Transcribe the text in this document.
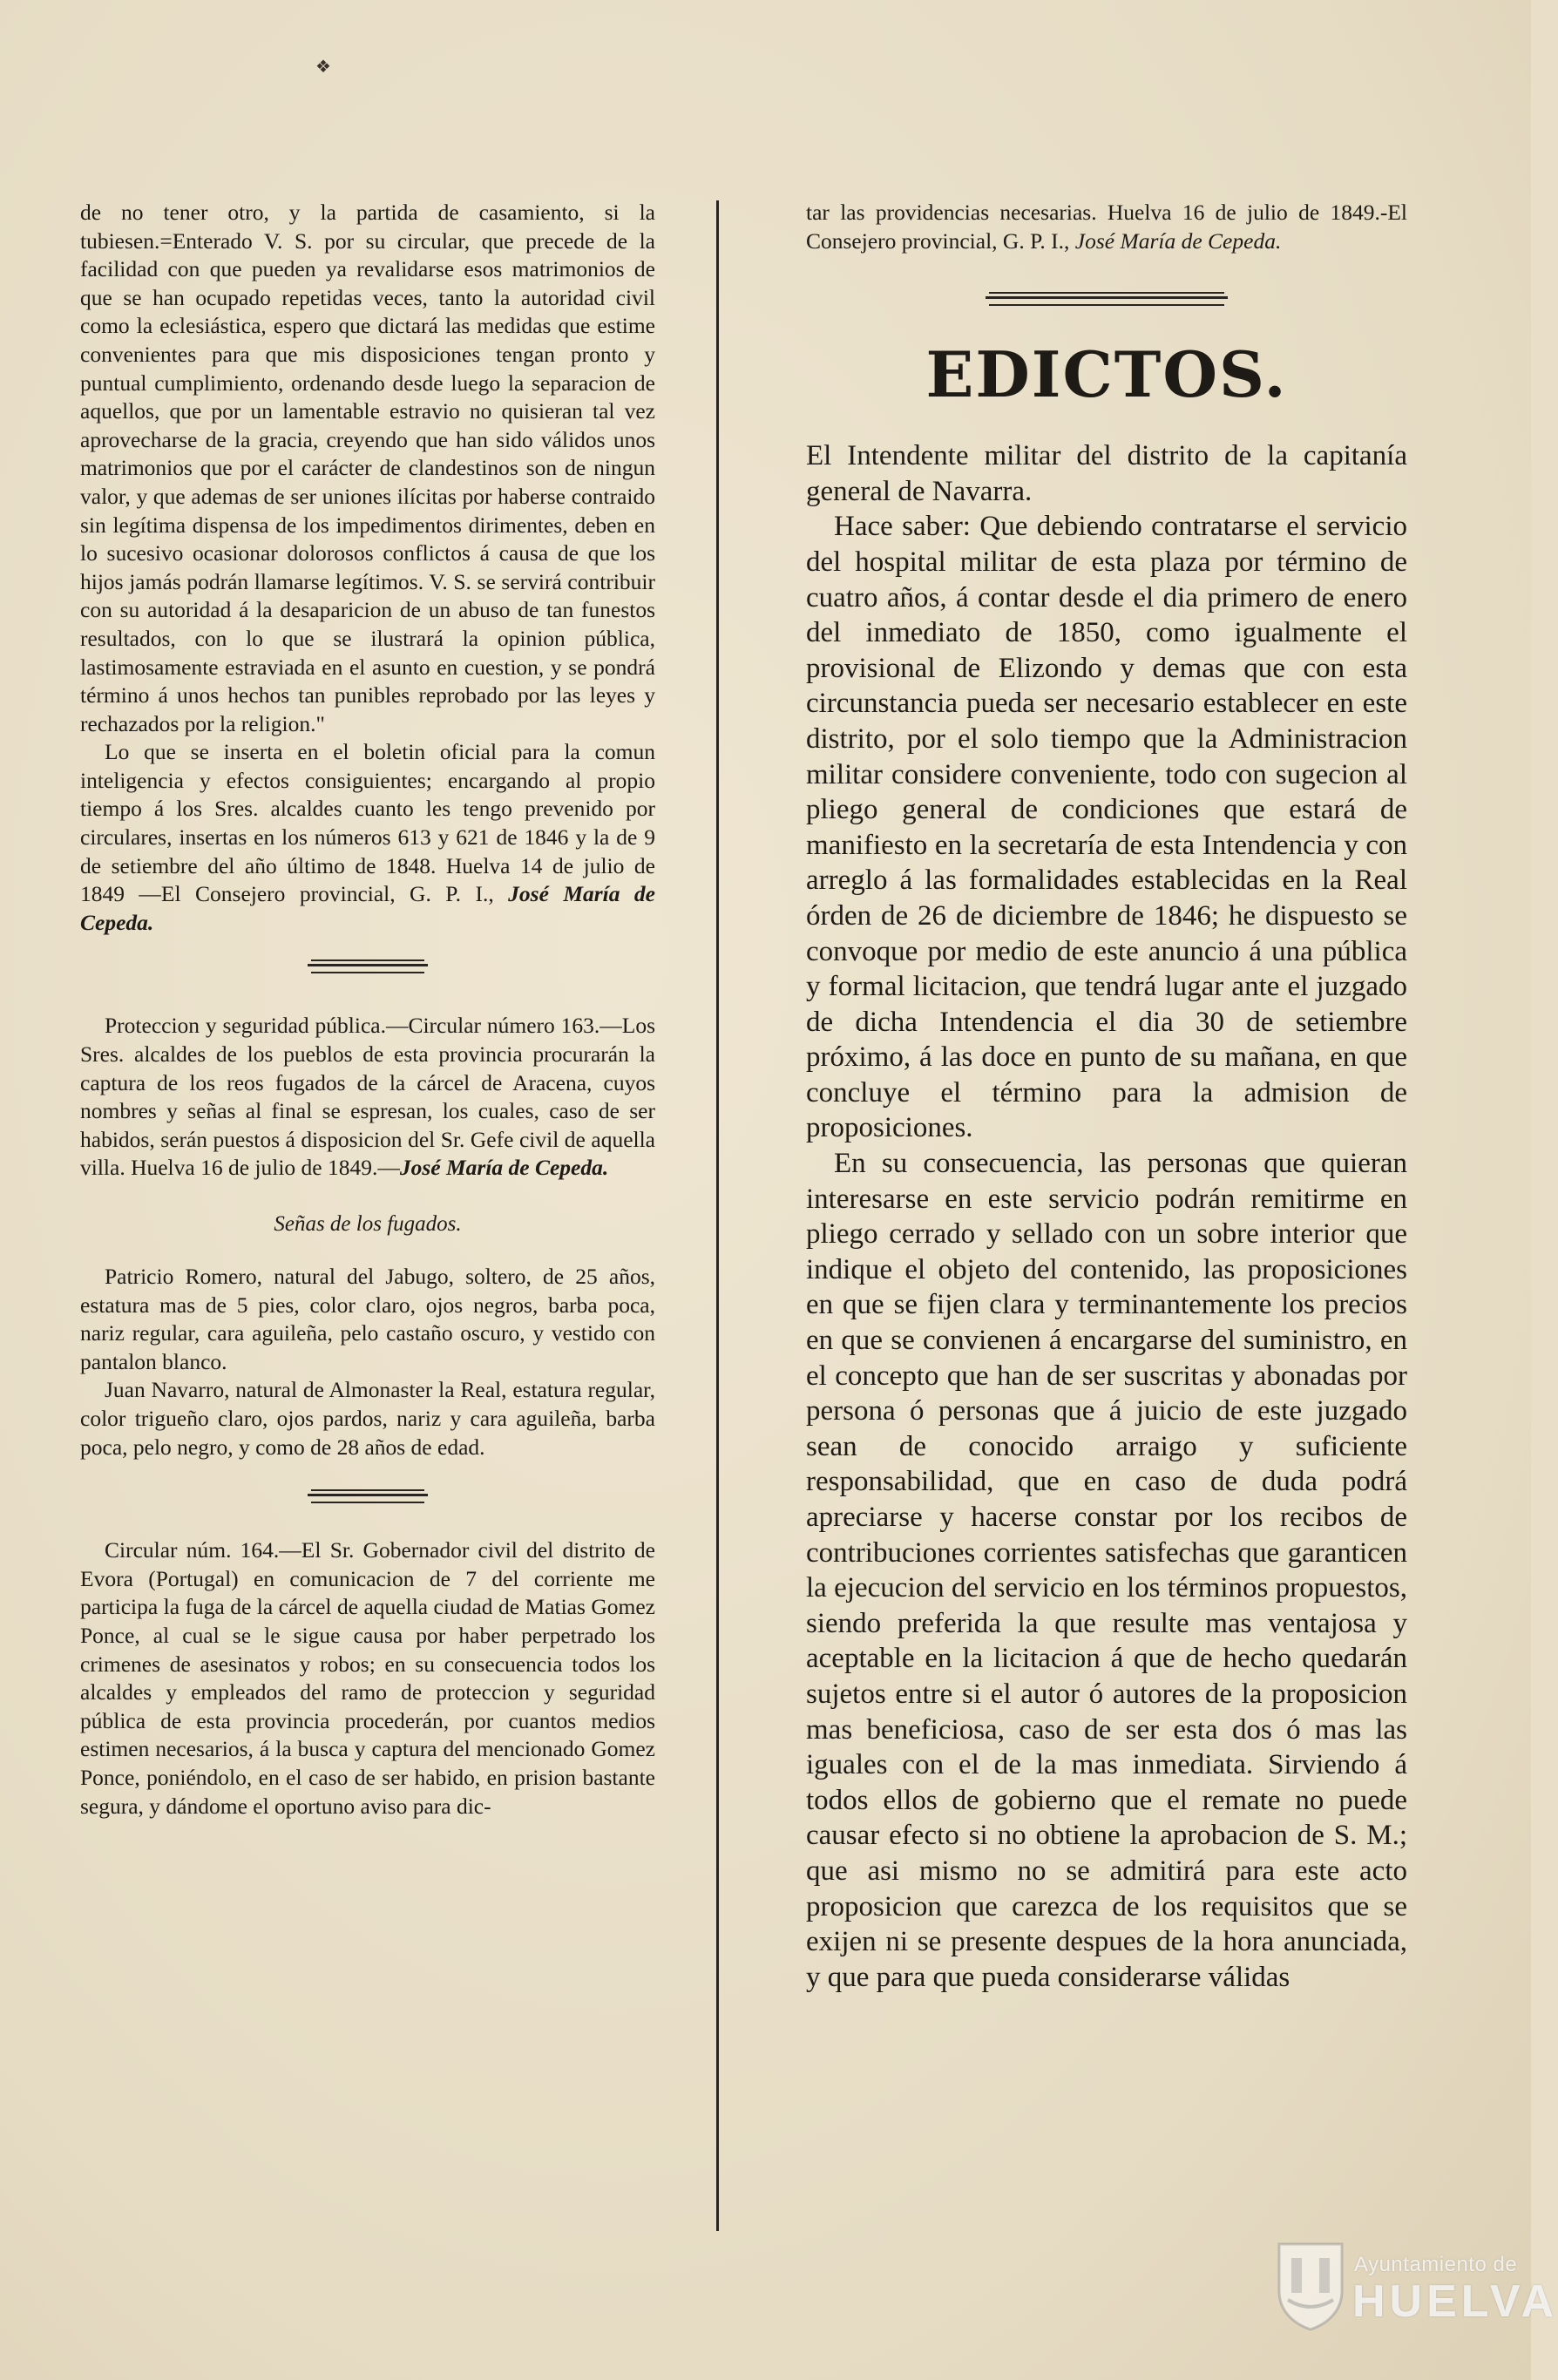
❖

de no tener otro, y la partida de casamiento, si la tubiesen.=Enterado V. S. por su circular, que precede de la facilidad con que pueden ya revalidarse esos matrimonios de que se han ocupado repetidas veces, tanto la autoridad civil como la eclesiástica, espero que dictará las medidas que estime convenientes para que mis disposiciones tengan pronto y puntual cumplimiento, ordenando desde luego la separacion de aquellos, que por un lamentable estravio no quisieran tal vez aprovecharse de la gracia, creyendo que han sido válidos unos matrimonios que por el carácter de clandestinos son de ningun valor, y que ademas de ser uniones ilícitas por haberse contraido sin legítima dispensa de los impedimentos dirimentes, deben en lo sucesivo ocasionar dolorosos conflictos á causa de que los hijos jamás podrán llamarse legítimos. V. S. se servirá contribuir con su autoridad á la desaparicion de un abuso de tan funestos resultados, con lo que se ilustrará la opinion pública, lastimosamente estraviada en el asunto en cuestion, y se pondrá término á unos hechos tan punibles reprobado por las leyes y rechazados por la religion."

Lo que se inserta en el boletin oficial para la comun inteligencia y efectos consiguientes; encargando al propio tiempo á los Sres. alcaldes cuanto les tengo prevenido por circulares, insertas en los números 613 y 621 de 1846 y la de 9 de setiembre del año último de 1848. Huelva 14 de julio de 1849 —El Consejero provincial, G. P. I., José María de Cepeda.

Proteccion y seguridad pública.—Circular número 163.—Los Sres. alcaldes de los pueblos de esta provincia procurarán la captura de los reos fugados de la cárcel de Aracena, cuyos nombres y señas al final se espresan, los cuales, caso de ser habidos, serán puestos á disposicion del Sr. Gefe civil de aquella villa. Huelva 16 de julio de 1849.—José María de Cepeda.

Señas de los fugados.

Patricio Romero, natural del Jabugo, soltero, de 25 años, estatura mas de 5 pies, color claro, ojos negros, barba poca, nariz regular, cara aguileña, pelo castaño oscuro, y vestido con pantalon blanco.

Juan Navarro, natural de Almonaster la Real, estatura regular, color trigueño claro, ojos pardos, nariz y cara aguileña, barba poca, pelo negro, y como de 28 años de edad.

Circular núm. 164.—El Sr. Gobernador civil del distrito de Evora (Portugal) en comunicacion de 7 del corriente me participa la fuga de la cárcel de aquella ciudad de Matias Gomez Ponce, al cual se le sigue causa por haber perpetrado los crimenes de asesinatos y robos; en su consecuencia todos los alcaldes y empleados del ramo de proteccion y seguridad pública de esta provincia procederán, por cuantos medios estimen necesarios, á la busca y captura del mencionado Gomez Ponce, poniéndolo, en el caso de ser habido, en prision bastante segura, y dándome el oportuno aviso para dic-

tar las providencias necesarias. Huelva 16 de julio de 1849.-El Consejero provincial, G. P. I., José María de Cepeda.

EDICTOS.

El Intendente militar del distrito de la capitanía general de Navarra.

Hace saber: Que debiendo contratarse el servicio del hospital militar de esta plaza por término de cuatro años, á contar desde el dia primero de enero del inmediato de 1850, como igualmente el provisional de Elizondo y demas que con esta circunstancia pueda ser necesario establecer en este distrito, por el solo tiempo que la Administracion militar considere conveniente, todo con sugecion al pliego general de condiciones que estará de manifiesto en la secretaría de esta Intendencia y con arreglo á las formalidades establecidas en la Real órden de 26 de diciembre de 1846; he dispuesto se convoque por medio de este anuncio á una pública y formal licitacion, que tendrá lugar ante el juzgado de dicha Intendencia el dia 30 de setiembre próximo, á las doce en punto de su mañana, en que concluye el término para la admision de proposiciones.

En su consecuencia, las personas que quieran interesarse en este servicio podrán remitirme en pliego cerrado y sellado con un sobre interior que indique el objeto del contenido, las proposiciones en que se fijen clara y terminantemente los precios en que se convienen á encargarse del suministro, en el concepto que han de ser suscritas y abonadas por persona ó personas que á juicio de este juzgado sean de conocido arraigo y suficiente responsabilidad, que en caso de duda podrá apreciarse y hacerse constar por los recibos de contribuciones corrientes satisfechas que garanticen la ejecucion del servicio en los términos propuestos, siendo preferida la que resulte mas ventajosa y aceptable en la licitacion á que de hecho quedarán sujetos entre si el autor ó autores de la proposicion mas beneficiosa, caso de ser esta dos ó mas las iguales con el de la mas inmediata. Sirviendo á todos ellos de gobierno que el remate no puede causar efecto si no obtiene la aprobacion de S. M.; que asi mismo no se admitirá para este acto proposicion que carezca de los requisitos que se exijen ni se presente despues de la hora anunciada, y que para que pueda considerarse válidas

Ayuntamiento de
HUELVA
